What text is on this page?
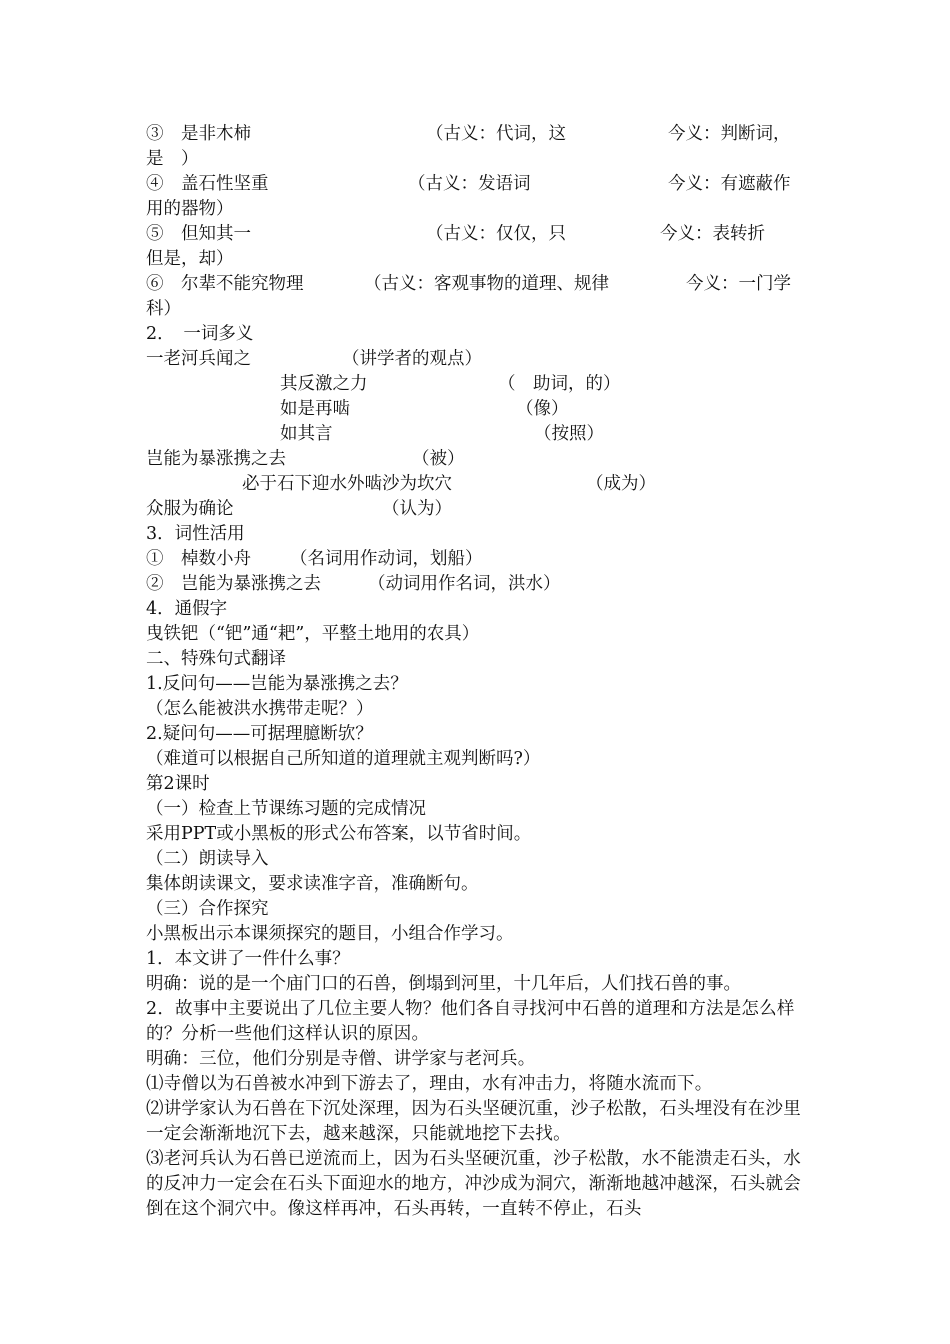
③　是非木柿	（古义：代词，这	今义：判断词，
是　）
④　盖石性坚重	（古义：发语词	今义：有遮蔽作
用的器物）
⑤　但知其一	（古义：仅仅，只	今义：表转折
但是，却）
⑥　尔辈不能究物理	（古义：客观事物的道理、规律	今义：一门学
科）
2．　一词多义
一老河兵闻之	（讲学者的观点）
其反激之力	（　助词，的）
如是再啮	（像）
如其言	（按照）
岂能为暴涨携之去	（被）
必于石下迎水外啮沙为坎穴	（成为）
众服为确论	（认为）
3．词性活用
①　棹数小舟 （名词用作动词，划船）
②　岂能为暴涨携之去	（动词用作名词，洪水）
4．通假字
曳铁钯（“钯”通“耙”，平整土地用的农具）
二、特殊句式翻译
1.反问句——岂能为暴涨携之去？
（怎么能被洪水携带走呢？）
2.疑问句——可据理臆断欤？
（难道可以根据自己所知道的道理就主观判断吗?）
第2课时
（一）检查上节课练习题的完成情况
采用PPT或小黑板的形式公布答案，以节省时间。
（二）朗读导入
集体朗读课文，要求读准字音，准确断句。
（三）合作探究
小黑板出示本课须探究的题目，小组合作学习。
1．本文讲了一件什么事？
明确：说的是一个庙门口的石兽，倒塌到河里，十几年后，人们找石兽的事。
2．故事中主要说出了几位主要人物？他们各自寻找河中石兽的道理和方法是怎么样的？分析一些他们这样认识的原因。
明确：三位，他们分别是寺僧、讲学家与老河兵。
⑴寺僧以为石兽被水冲到下游去了，理由，水有冲击力，将随水流而下。
⑵讲学家认为石兽在下沉处深理，因为石头坚硬沉重，沙子松散，石头埋没有在沙里一定会渐渐地沉下去，越来越深，只能就地挖下去找。
⑶老河兵认为石兽已逆流而上，因为石头坚硬沉重，沙子松散，水不能溃走石头，水的反冲力一定会在石头下面迎水的地方，冲沙成为洞穴，渐渐地越冲越深，石头就会倒在这个洞穴中。像这样再冲，石头再转，一直转不停止，石头
